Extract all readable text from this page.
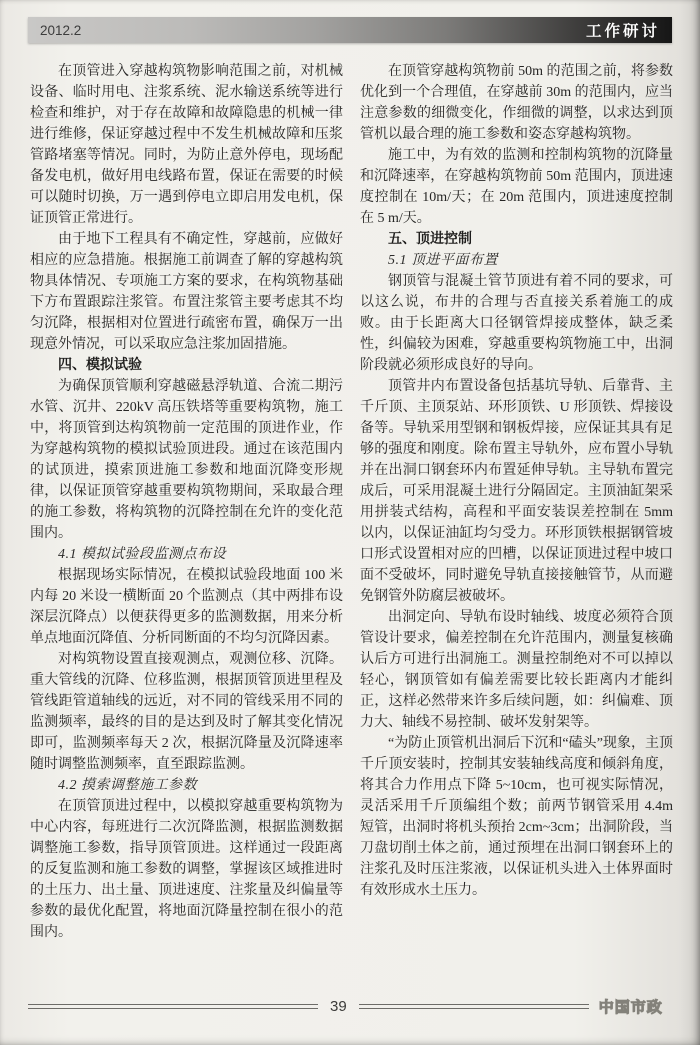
2012.2	工作研讨

在顶管进入穿越构筑物影响范围之前，对机械设备、临时用电、注浆系统、泥水输送系统等进行检查和维护，对于存在故障和故障隐患的机械一律进行维修，保证穿越过程中不发生机械故障和压浆管路堵塞等情况。同时，为防止意外停电，现场配备发电机，做好用电线路布置，保证在需要的时候可以随时切换，万一遇到停电立即启用发电机，保证顶管正常进行。

由于地下工程具有不确定性，穿越前，应做好相应的应急措施。根据施工前调查了解的穿越构筑物具体情况、专项施工方案的要求，在构筑物基础下方布置跟踪注浆管。布置注浆管主要考虑其不均匀沉降，根据相对位置进行疏密布置，确保万一出现意外情况，可以采取应急注浆加固措施。

四、模拟试验

为确保顶管顺利穿越磁悬浮轨道、合流二期污水管、沉井、220kV 高压铁塔等重要构筑物，施工中，将顶管到达构筑物前一定范围的顶进作业，作为穿越构筑物的模拟试验顶进段。通过在该范围内的试顶进，摸索顶进施工参数和地面沉降变形规律，以保证顶管穿越重要构筑物期间，采取最合理的施工参数，将构筑物的沉降控制在允许的变化范围内。

4.1 模拟试验段监测点布设

根据现场实际情况，在模拟试验段地面 100 米内每 20 米设一横断面 20 个监测点（其中两排布设深层沉降点）以便获得更多的监测数据，用来分析单点地面沉降值、分析同断面的不均匀沉降因素。

对构筑物设置直接观测点，观测位移、沉降。重大管线的沉降、位移监测，根据顶管顶进里程及管线距管道轴线的远近，对不同的管线采用不同的监测频率，最终的目的是达到及时了解其变化情况即可，监测频率每天 2 次，根据沉降量及沉降速率随时调整监测频率，直至跟踪监测。

4.2 摸索调整施工参数

在顶管顶进过程中，以模拟穿越重要构筑物为中心内容，每班进行二次沉降监测，根据监测数据调整施工参数，指导顶管顶进。这样通过一段距离的反复监测和施工参数的调整，掌握该区域推进时的土压力、出土量、顶进速度、注浆量及纠偏量等参数的最优化配置，将地面沉降量控制在很小的范围内。

在顶管穿越构筑物前 50m 的范围之前，将参数优化到一个合理值，在穿越前 30m 的范围内，应当注意参数的细微变化，作细微的调整，以求达到顶管机以最合理的施工参数和姿态穿越构筑物。

施工中，为有效的监测和控制构筑物的沉降量和沉降速率，在穿越构筑物前 50m 范围内，顶进速度控制在 10m/天；在 20m 范围内，顶进速度控制在 5 m/天。

五、顶进控制

5.1 顶进平面布置

钢顶管与混凝土管节顶进有着不同的要求，可以这么说，布井的合理与否直接关系着施工的成败。由于长距离大口径钢管焊接成整体，缺乏柔性，纠偏较为困难，穿越重要构筑物施工中，出洞阶段就必须形成良好的导向。

顶管井内布置设备包括基坑导轨、后靠背、主千斤顶、主顶泵站、环形顶铁、U 形顶铁、焊接设备等。导轨采用型钢和钢板焊接，应保证其具有足够的强度和刚度。除布置主导轨外，应布置小导轨并在出洞口钢套环内布置延伸导轨。主导轨布置完成后，可采用混凝土进行分隔固定。主顶油缸架采用拼装式结构，高程和平面安装误差控制在 5mm 以内，以保证油缸均匀受力。环形顶铁根据钢管坡口形式设置相对应的凹槽，以保证顶进过程中坡口面不受破坏，同时避免导轨直接接触管节，从而避免钢管外防腐层被破坏。

出洞定向、导轨布设时轴线、坡度必须符合顶管设计要求，偏差控制在允许范围内，测量复核确认后方可进行出洞施工。测量控制绝对不可以掉以轻心，钢顶管如有偏差需要比较长距离内才能纠正，这样必然带来许多后续问题，如：纠偏难、顶力大、轴线不易控制、破坏发射架等。

“为防止顶管机出洞后下沉和“磕头”现象，主顶千斤顶安装时，控制其安装轴线高度和倾斜角度，将其合力作用点下降 5~10cm，也可视实际情况，灵活采用千斤顶编组个数；前两节钢管采用 4.4m 短管，出洞时将机头预抬 2cm~3cm；出洞阶段，当刀盘切削土体之前，通过预埋在出洞口钢套环上的注浆孔及时压注浆液，以保证机头进入土体界面时有效形成水土压力。

39	中国市政
